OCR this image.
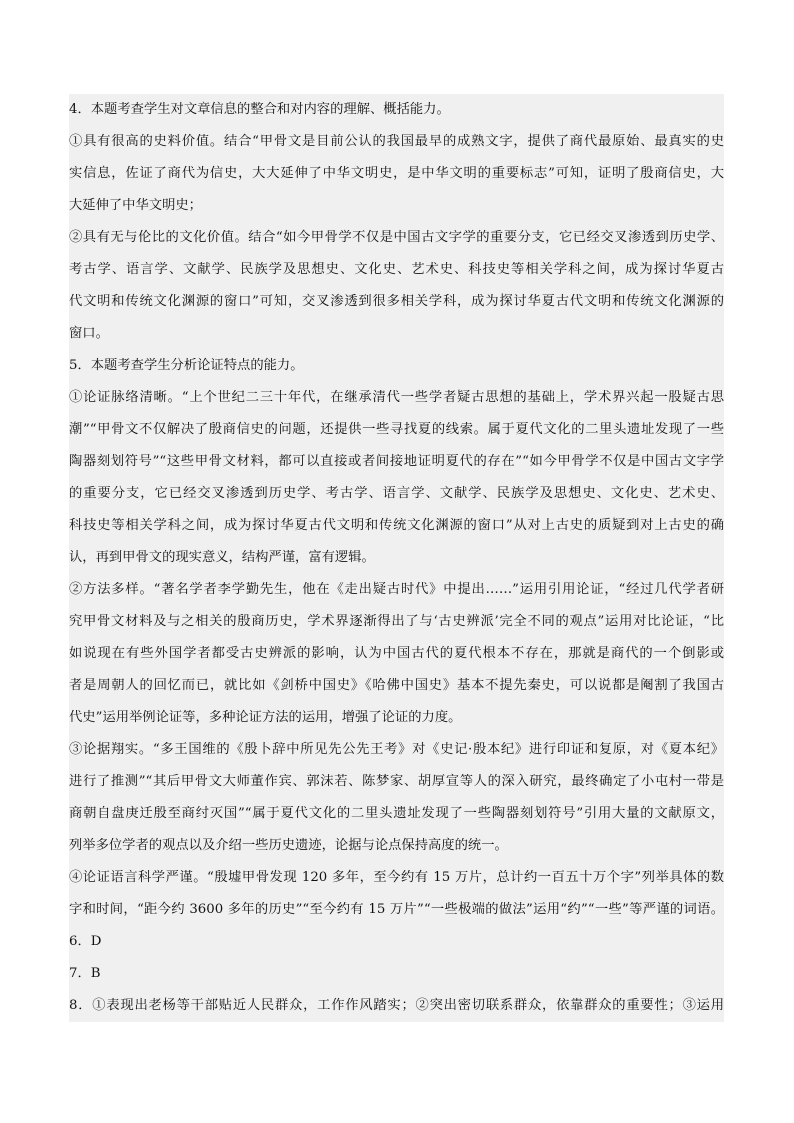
4．本题考查学生对文章信息的整合和对内容的理解、概括能力。
①具有很高的史料价值。结合“甲骨文是目前公认的我国最早的成熟文字，提供了商代最原始、最真实的史
实信息，佐证了商代为信史，大大延伸了中华文明史，是中华文明的重要标志”可知，证明了殷商信史，大
大延伸了中华文明史；
②具有无与伦比的文化价值。结合“如今甲骨学不仅是中国古文字学的重要分支，它已经交叉渗透到历史学、
考古学、语言学、文献学、民族学及思想史、文化史、艺术史、科技史等相关学科之间，成为探讨华夏古
代文明和传统文化渊源的窗口”可知，交叉渗透到很多相关学科，成为探讨华夏古代文明和传统文化渊源的
窗口。
5．本题考查学生分析论证特点的能力。
①论证脉络清晰。“上个世纪二三十年代，在继承清代一些学者疑古思想的基础上，学术界兴起一股疑古思
潮”“甲骨文不仅解决了殷商信史的问题，还提供一些寻找夏的线索。属于夏代文化的二里头遗址发现了一些
陶器刻划符号”“这些甲骨文材料，都可以直接或者间接地证明夏代的存在”“如今甲骨学不仅是中国古文字学
的重要分支，它已经交叉渗透到历史学、考古学、语言学、文献学、民族学及思想史、文化史、艺术史、
科技史等相关学科之间，成为探讨华夏古代文明和传统文化渊源的窗口”从对上古史的质疑到对上古史的确
认，再到甲骨文的现实意义，结构严谨，富有逻辑。
②方法多样。“著名学者李学勤先生，他在《走出疑古时代》中提出……”运用引用论证，“经过几代学者研
究甲骨文材料及与之相关的殷商历史，学术界逐渐得出了与‘古史辨派’完全不同的观点”运用对比论证，“比
如说现在有些外国学者都受古史辨派的影响，认为中国古代的夏代根本不存在，那就是商代的一个倒影或
者是周朝人的回忆而已，就比如《剑桥中国史》《哈佛中国史》基本不提先秦史，可以说都是阉割了我国古
代史”运用举例论证等，多种论证方法的运用，增强了论证的力度。
③论据翔实。“多王国维的《殷卜辞中所见先公先王考》对《史记·殷本纪》进行印证和复原，对《夏本纪》
进行了推测”“其后甲骨文大师董作宾、郭沫若、陈梦家、胡厚宣等人的深入研究，最终确定了小屯村一带是
商朝自盘庚迁殷至商纣灭国”“属于夏代文化的二里头遗址发现了一些陶器刻划符号”引用大量的文献原文，
列举多位学者的观点以及介绍一些历史遗迹，论据与论点保持高度的统一。
④论证语言科学严谨。“殷墟甲骨发现 120 多年，至今约有 15 万片，总计约一百五十万个字”列举具体的数
字和时间，“距今约 3600 多年的历史”“至今约有 15 万片”“一些极端的做法”运用“约”“一些”等严谨的词语。
6．D
7．B
8．①表现出老杨等干部贴近人民群众，工作作风踏实；②突出密切联系群众，依靠群众的重要性；③运用
